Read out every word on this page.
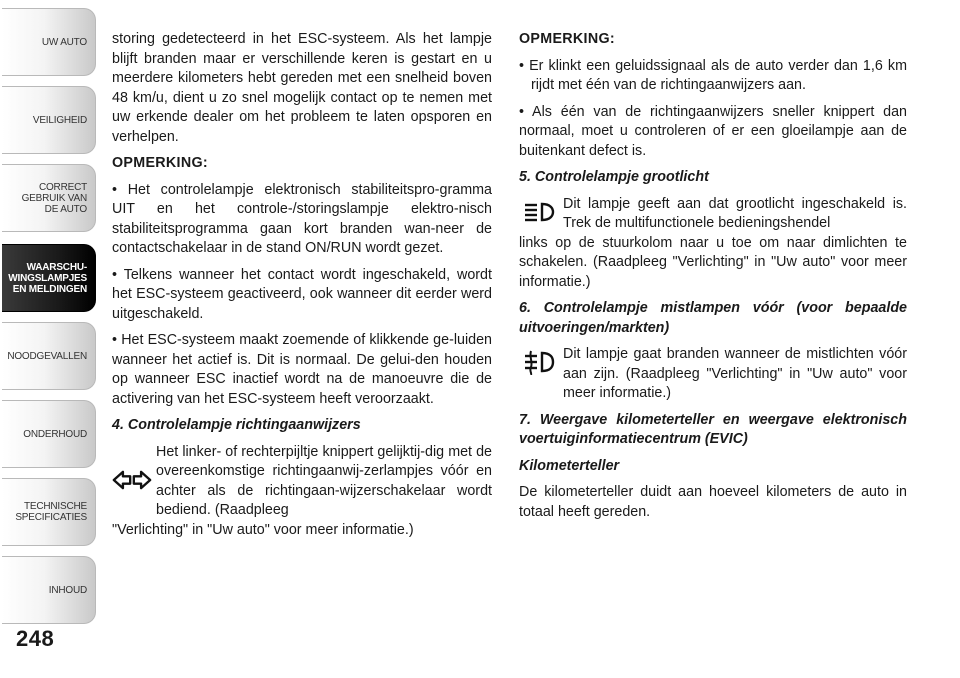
UW AUTO
VEILIGHEID
CORRECT
GEBRUIK VAN
DE AUTO
WAARSCHU-
WINGSLAMPJES
EN MELDINGEN
NOODGEVALLEN
ONDERHOUD
TECHNISCHE
SPECIFICATIES
INHOUD
248

storing gedetecteerd in het ESC-systeem. Als het lampje blijft branden maar er verschillende keren is gestart en u meerdere kilometers hebt gereden met een snelheid boven 48 km/u, dient u zo snel mogelijk contact op te nemen met uw erkende dealer om het probleem te laten opsporen en verhelpen.

OPMERKING:

• Het controlelampje elektronisch stabiliteitspro-gramma UIT en het controle-/storingslampje elektro-nisch stabiliteitsprogramma gaan kort branden wan-neer de contactschakelaar in de stand ON/RUN wordt gezet.

• Telkens wanneer het contact wordt ingeschakeld, wordt het ESC-systeem geactiveerd, ook wanneer dit eerder werd uitgeschakeld.

• Het ESC-systeem maakt zoemende of klikkende ge-luiden wanneer het actief is. Dit is normaal. De gelui-den houden op wanneer ESC inactief wordt na de manoeuvre die de activering van het ESC-systeem heeft veroorzaakt.

4. Controlelampje richtingaanwijzers

Het linker- of rechterpijltje knippert gelijktij-dig met de overeenkomstige richtingaanwij-zerlampjes vóór en achter als de richtingaan-wijzerschakelaar wordt bediend. (Raadpleeg
"Verlichting" in "Uw auto" voor meer informatie.)

OPMERKING:

• Er klinkt een geluidssignaal als de auto verder dan 1,6 km rijdt met één van de richtingaanwijzers aan.

• Als één van de richtingaanwijzers sneller knippert dan normaal, moet u controleren of er een gloeilampje aan de buitenkant defect is.

5. Controlelampje grootlicht

Dit lampje geeft aan dat grootlicht ingeschakeld is. Trek de multifunctionele bedieningshendel
links op de stuurkolom naar u toe om naar dimlichten te schakelen. (Raadpleeg "Verlichting" in "Uw auto" voor meer informatie.)

6. Controlelampje mistlampen vóór (voor bepaalde uitvoeringen/markten)

Dit lampje gaat branden wanneer de mistlichten vóór aan zijn. (Raadpleeg "Verlichting" in "Uw auto" voor meer informatie.)

7. Weergave kilometerteller en weergave elektronisch voertuiginformatiecentrum (EVIC)

Kilometerteller

De kilometerteller duidt aan hoeveel kilometers de auto in totaal heeft gereden.
